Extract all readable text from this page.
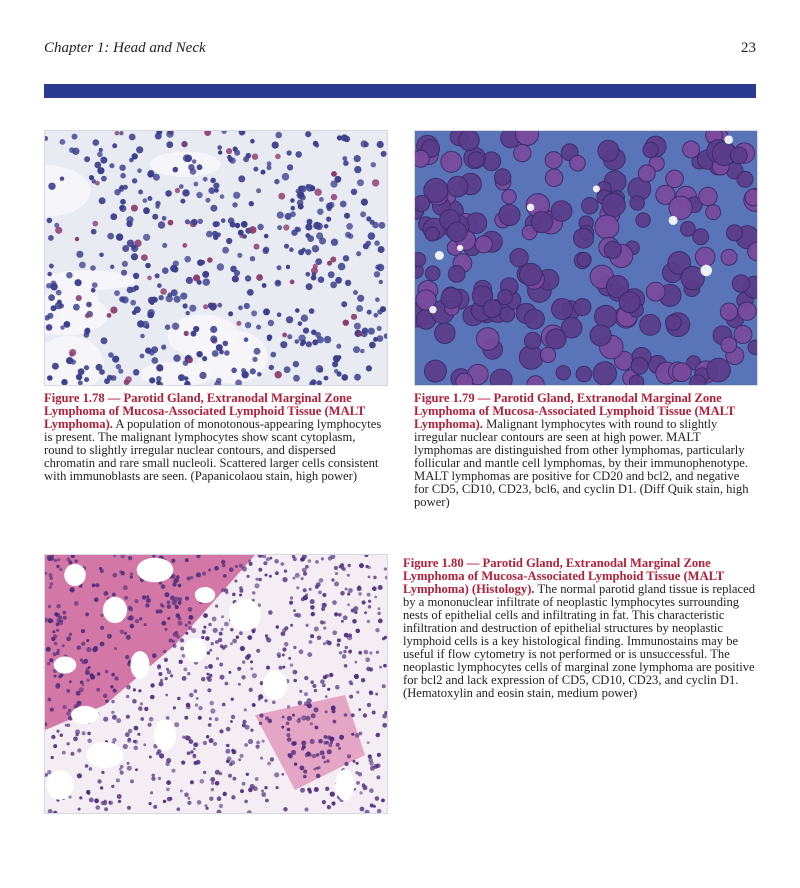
Chapter 1: Head and Neck	23
Figure 1.78 — Parotid Gland, Extranodal Marginal Zone Lymphoma of Mucosa-Associated Lymphoid Tissue (MALT Lymphoma). A population of monotonous-appearing lymphocytes is present. The malignant lymphocytes show scant cytoplasm, round to slightly irregular nuclear contours, and dispersed chromatin and rare small nucleoli. Scattered larger cells consistent with immunoblasts are seen. (Papanicolaou stain, high power)
Figure 1.79 — Parotid Gland, Extranodal Marginal Zone Lymphoma of Mucosa-Associated Lymphoid Tissue (MALT Lymphoma). Malignant lymphocytes with round to slightly irregular nuclear contours are seen at high power. MALT lymphomas are distinguished from other lymphomas, particularly follicular and mantle cell lymphomas, by their immunophenotype. MALT lymphomas are positive for CD20 and bcl2, and negative for CD5, CD10, CD23, bcl6, and cyclin D1. (Diff Quik stain, high power)
Figure 1.80 — Parotid Gland, Extranodal Marginal Zone Lymphoma of Mucosa-Associated Lymphoid Tissue (MALT Lymphoma) (Histology). The normal parotid gland tissue is replaced by a mononuclear infiltrate of neoplastic lymphocytes surrounding nests of epithelial cells and infiltrating in fat. This characteristic infiltration and destruction of epithelial structures by neoplastic lymphoid cells is a key histological finding. Immunostains may be useful if flow cytometry is not performed or is unsuccessful. The neoplastic lymphocytes cells of marginal zone lymphoma are positive for bcl2 and lack expression of CD5, CD10, CD23, and cyclin D1. (Hematoxylin and eosin stain, medium power)
